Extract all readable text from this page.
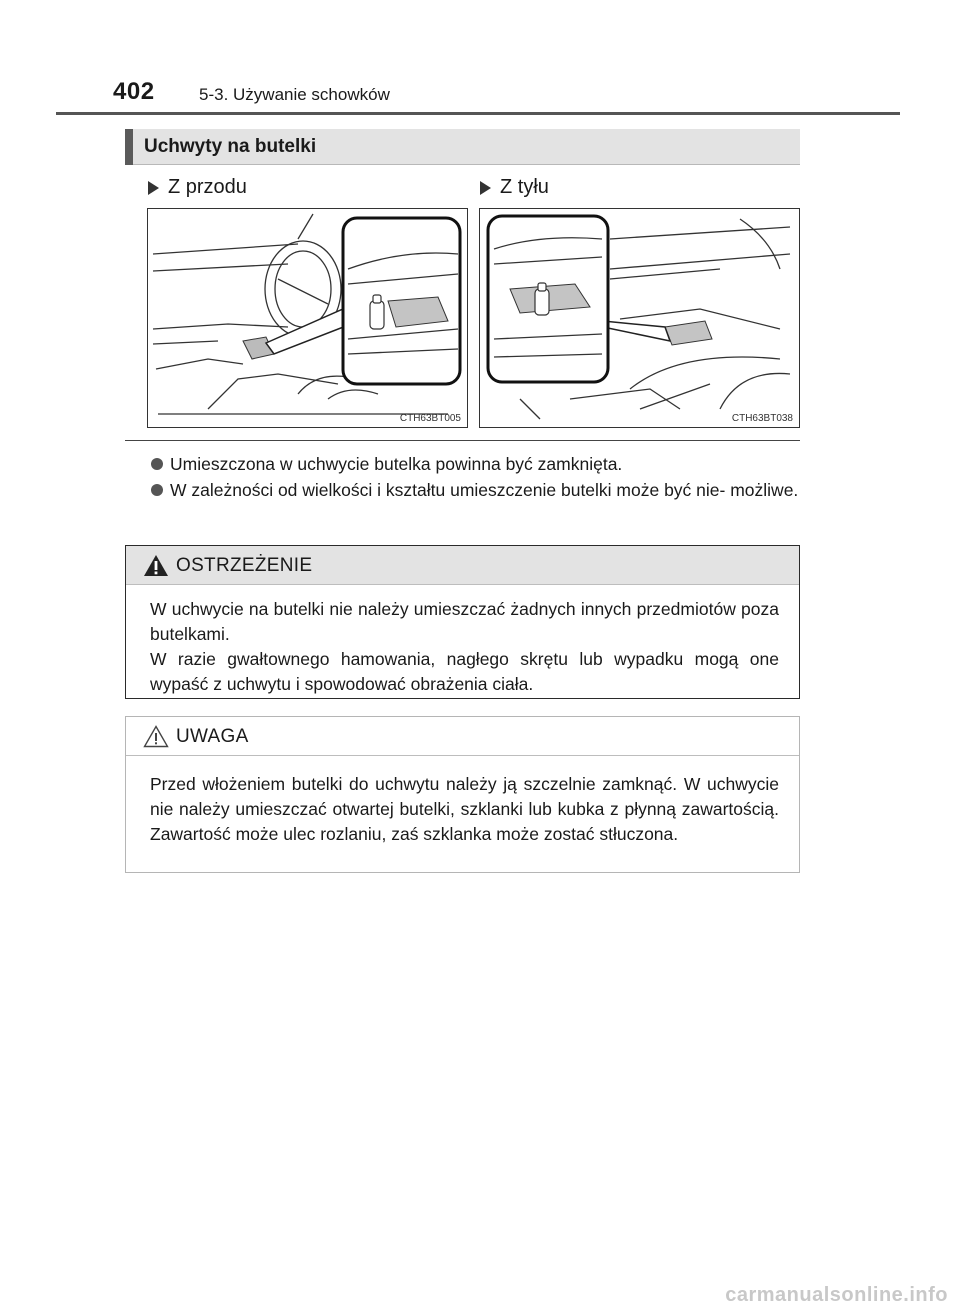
402	5-3. Używanie schowków
Uchwyty na butelki
Z przodu	Z tyłu
CTH63BT005	CTH63BT038
Umieszczona w uchwycie butelka powinna być zamknięta.
W zależności od wielkości i kształtu umieszczenie butelki może być nie- możliwe.
OSTRZEŻENIE

W uchwycie na butelki nie należy umieszczać żadnych innych przedmiotów poza butelkami.

W razie gwałtownego hamowania, nagłego skrętu lub wypadku mogą one wypaść z uchwytu i spowodować obrażenia ciała.

UWAGA

Przed włożeniem butelki do uchwytu należy ją szczelnie zamknąć. W uchwycie nie należy umieszczać otwartej butelki, szklanki lub kubka z płynną zawartością. Zawartość może ulec rozlaniu, zaś szklanka może zostać stłuczona.

carmanualsonline.info
